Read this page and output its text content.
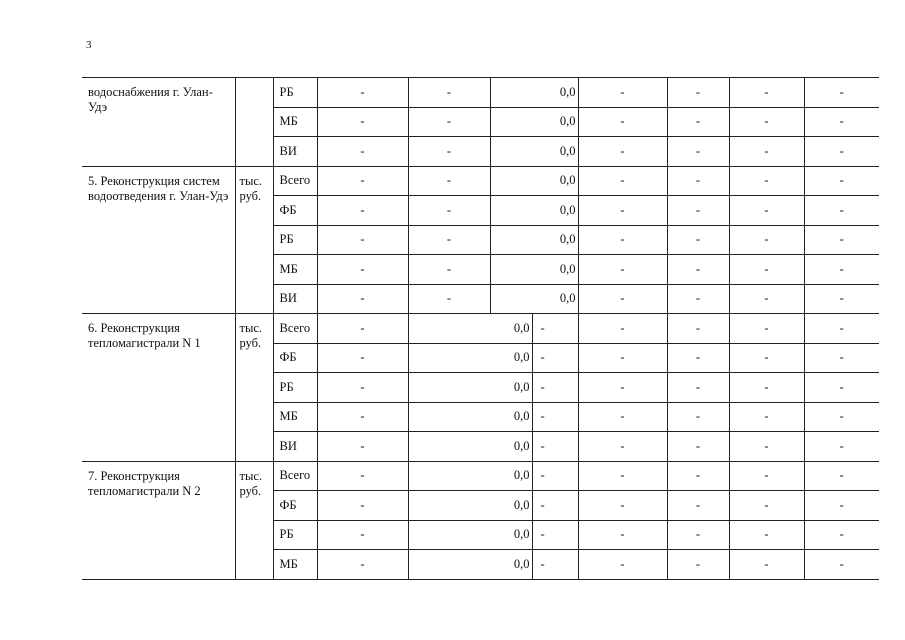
3
водоснабжения г. Улан-Удэ		РБ	-	-	0,0		-	-	-	-
		МБ	-	-	0,0		-	-	-	-
		ВИ	-	-	0,0		-	-	-	-
5. Реконструкция систем водоотведения г. Улан-Удэ	тыс. руб.	Всего	-	-	0,0		-	-	-	-
		ФБ	-	-	0,0		-	-	-	-
		РБ	-	-	0,0		-	-	-	-
		МБ	-	-	0,0		-	-	-	-
		ВИ	-	-	0,0		-	-	-	-
6. Реконструкция тепломагистрали N 1	тыс. руб.	Всего	-	0,0		-	-	-	-	-
		ФБ	-	0,0		-	-	-	-	-
		РБ	-	0,0		-	-	-	-	-
		МБ	-	0,0		-	-	-	-	-
		ВИ	-	0,0		-	-	-	-	-
7. Реконструкция тепломагистрали N 2	тыс. руб.	Всего	-	0,0		-	-	-	-	-
		ФБ	-	0,0		-	-	-	-	-
		РБ	-	0,0		-	-	-	-	-
		МБ	-	0,0		-	-	-	-	-
